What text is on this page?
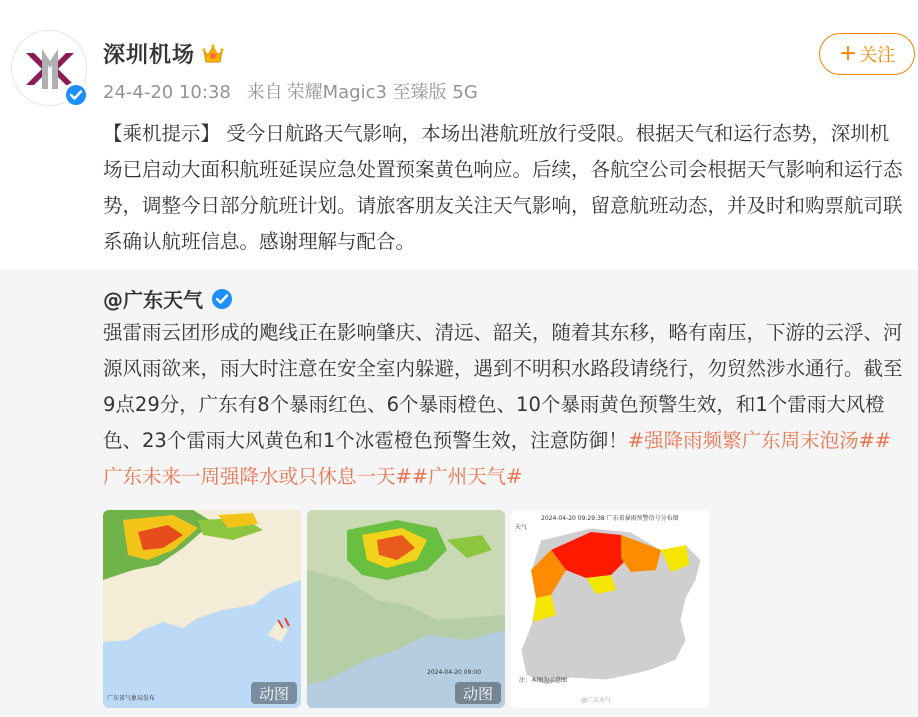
深圳机场
24-4-20 10:38 来自 荣耀Magic3 至臻版 5G
+ 关注
【乘机提示】 受今日航路天气影响，本场出港航班放行受限。根据天气和运行态势，深圳机场已启动大面积航班延误应急处置预案黄色响应。后续，各航空公司会根据天气影响和运行态势，调整今日部分航班计划。请旅客朋友关注天气影响，留意航班动态，并及时和购票航司联系确认航班信息。感谢理解与配合。
@广东天气
强雷雨云团形成的飑线正在影响肇庆、清远、韶关，随着其东移，略有南压，下游的云浮、河源风雨欲来，雨大时注意在安全室内躲避，遇到不明积水路段请绕行，勿贸然涉水通行。截至9点29分，广东有8个暴雨红色、6个暴雨橙色、10个暴雨黄色预警生效，和1个雷雨大风橙色、23个雷雨大风黄色和1个冰雹橙色预警生效，注意防御！#强降雨频繁广东周末泡汤##广东未来一周强降水或只休息一天##广州天气#
广东省气象局发布	动图
2024-04-20 09:00
动图
2024-04-20 09:29:38 广东省暴雨预警信号分布图
天气
注：本图为示意图
@广东天气
